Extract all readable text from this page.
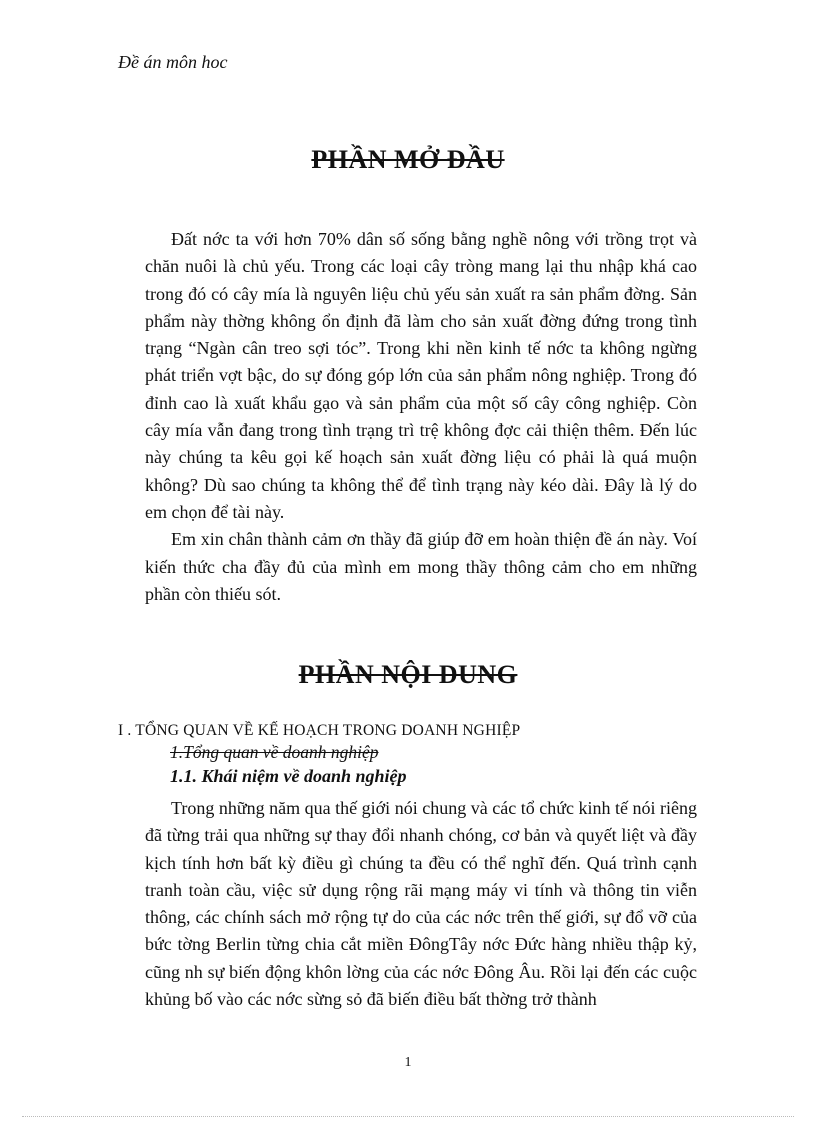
Đề án môn hoc
PHẦN MỞ ĐẦU

Đất nớc ta với hơn 70% dân số sống bằng nghề nông với trồng trọt và chăn nuôi là chủ yếu. Trong các loại cây tròng mang lại thu nhập khá cao trong đó có cây mía là nguyên liệu chủ yếu sản xuất ra sản phẩm đờng. Sản phẩm này thờng không ổn định đã làm cho sản xuất đờng đứng trong tình trạng “Ngàn cân treo sợi tóc”. Trong khi nền kinh tế nớc ta không ngừng phát triển vợt bậc, do sự đóng góp lớn của sản phẩm nông nghiệp. Trong đó đỉnh cao là xuất khẩu gạo và sản phẩm của một số cây công nghiệp. Còn cây mía vẫn đang trong tình trạng trì trệ không đợc cải thiện thêm. Đến lúc này chúng ta kêu gọi kế hoạch sản xuất đờng liệu có phải là quá muộn không? Dù sao chúng ta không thể để tình trạng này kéo dài. Đây là lý do em chọn để tài này.

Em xin chân thành cảm ơn thầy đã giúp đỡ em hoàn thiện đề án này. Voí kiến thức cha đầy đủ của mình em mong thầy thông cảm cho em những phần còn thiếu sót.

PHẦN NỘI DUNG
I . TỔNG QUAN VỀ KẾ HOẠCH TRONG DOANH NGHIỆP
1.Tổng quan về doanh nghiệp
1.1. Khái niệm về doanh nghiệp

Trong những năm qua thế giới nói chung và các tổ chức kinh tế nói riêng đã từng trải qua những sự thay đổi nhanh chóng, cơ bản và quyết liệt và đầy kịch tính hơn bất kỳ điều gì chúng ta đều có thể nghĩ đến. Quá trình cạnh tranh toàn cầu, việc sử dụng rộng rãi mạng máy vi tính và thông tin viễn thông, các chính sách mở rộng tự do của các nớc trên thế giới, sự đổ vỡ của bức tờng Berlin từng chia cắt miền ĐôngTây nớc Đức hàng nhiều thập kỷ, cũng nh sự biến động khôn lờng của các nớc Đông Âu. Rồi lại đến các cuộc khủng bố vào các nớc sừng sỏ đã biến điều bất thờng trở thành

1
